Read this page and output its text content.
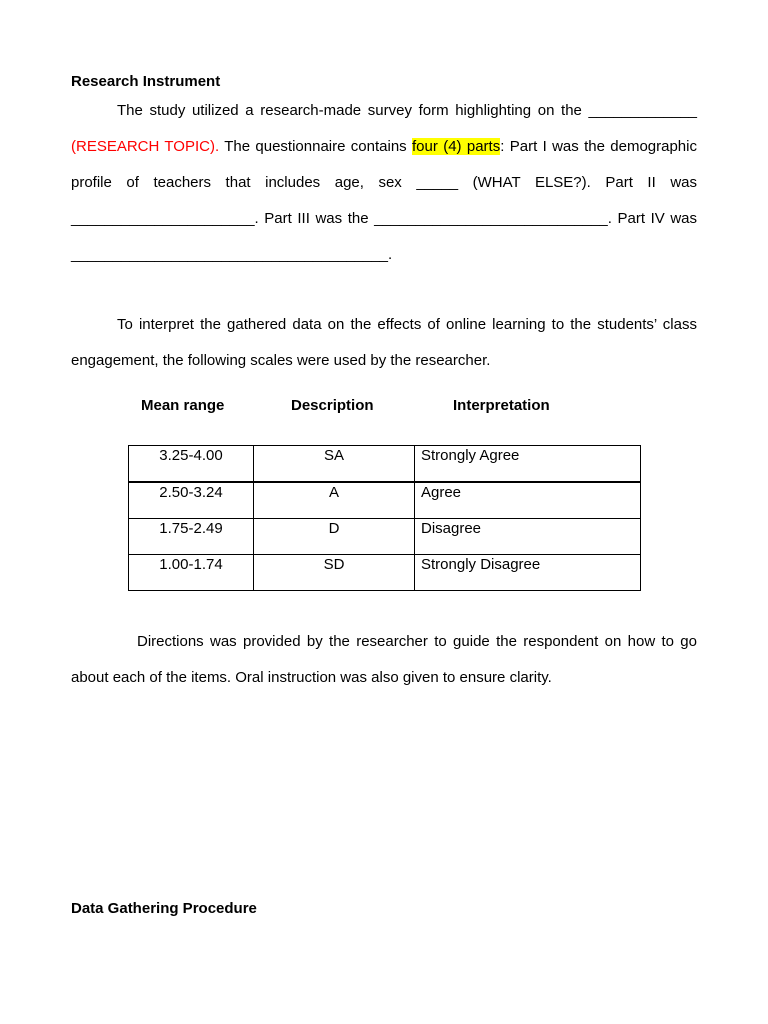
Research Instrument

The study utilized a research-made survey form highlighting on the _____________ (RESEARCH TOPIC). The questionnaire contains four (4) parts: Part I was the demographic profile of teachers that includes age, sex _____ (WHAT ELSE?). Part II was ______________________. Part III was the ____________________________. Part IV was ______________________________________.

To interpret the gathered data on the effects of online learning to the students’ class engagement, the following scales were used by the researcher.

Mean range	Description	Interpretation
3.25-4.00	SA	Strongly Agree
2.50-3.24	A	Agree
1.75-2.49	D	Disagree
1.00-1.74	SD	Strongly Disagree

Directions was provided by the researcher to guide the respondent on how to go about each of the items. Oral instruction was also given to ensure clarity.

Data Gathering Procedure
